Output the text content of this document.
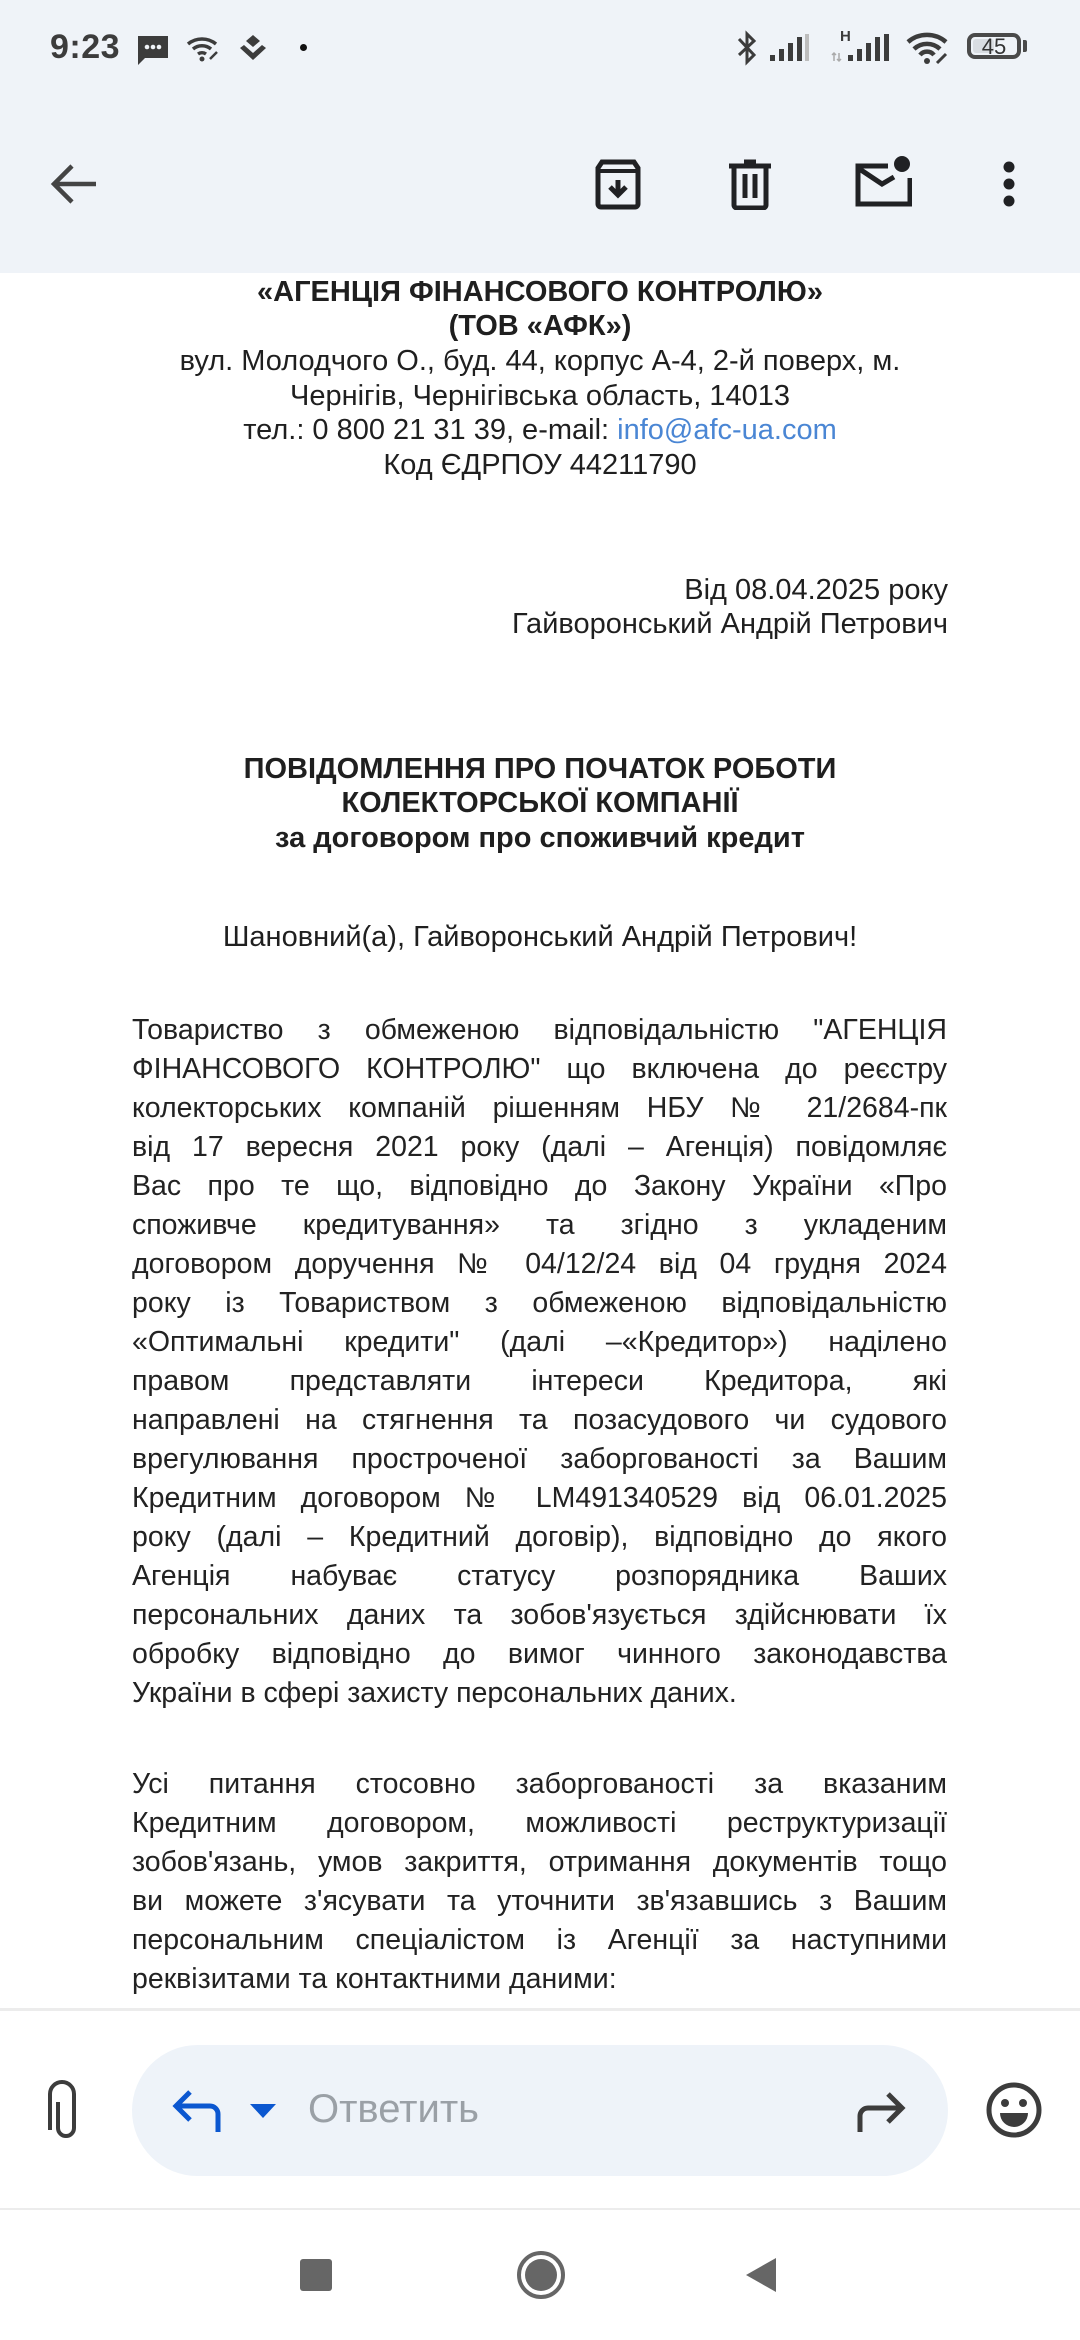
«АГЕНЦІЯ ФІНАНСОВОГО КОНТРОЛЮ»
(ТОВ «АФК»)
вул. Молодчого О., буд. 44, корпус А-4, 2-й поверх, м.
Чернігів, Чернігівська область, 14013
тел.: 0 800 21 31 39, e-mail: info@afc-ua.com
Код ЄДРПОУ 44211790
Від 08.04.2025 року
Гайворонський Андрій Петрович
ПОВІДОМЛЕННЯ ПРО ПОЧАТОК РОБОТИ
КОЛЕКТОРСЬКОЇ КОМПАНІЇ
за договором про споживчий кредит
Шановний(а), Гайворонський Андрій Петрович!
Товариство з обмеженою відповідальністю "АГЕНЦІЯ
ФІНАНСОВОГО КОНТРОЛЮ" що включена до реєстру
колекторських компаній рішенням НБУ № 21/2684-пк
від 17 вересня 2021 року (далі – Агенція) повідомляє
Вас про те що, відповідно до Закону України «Про
споживче кредитування» та згідно з укладеним
договором доручення № 04/12/24 від 04 грудня 2024
року із Товариством з обмеженою відповідальністю
«Оптимальні кредити" (далі –«Кредитор») наділено
правом представляти інтереси Кредитора, які
направлені на стягнення та позасудового чи судового
врегулювання простроченої заборгованості за Вашим
Кредитним договором № LM491340529 від 06.01.2025
року (далі – Кредитний договір), відповідно до якого
Агенція набуває статусу розпорядника Ваших
персональних даних та зобов'язується здійснювати їх
обробку відповідно до вимог чинного законодавства
України в сфері захисту персональних даних.
Усі питання стосовно заборгованості за вказаним
Кредитним договором, можливості реструктуризації
зобов'язань, умов закриття, отримання документів тощо
ви можете з'ясувати та уточнити зв'язавшись з Вашим
персональним спеціалістом із Агенції за наступними
реквізитами та контактними даними:
9:23	H	45
Ответить
